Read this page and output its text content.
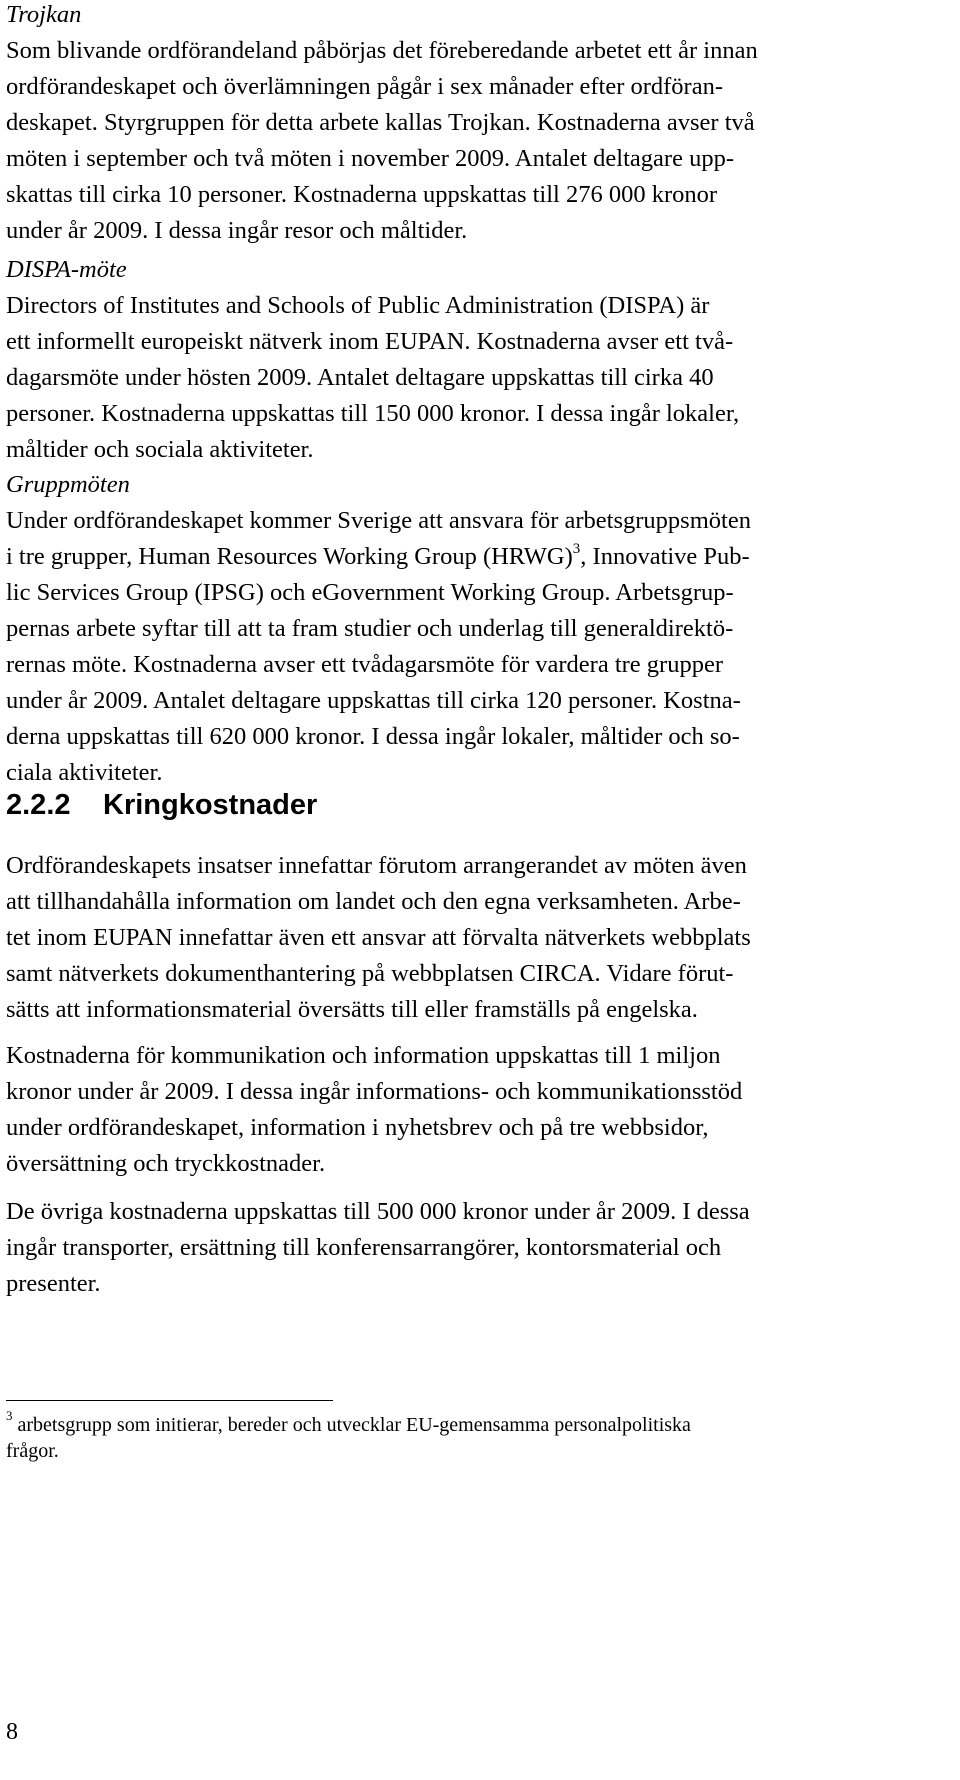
Trojkan

Som blivande ordförandeland påbörjas det föreberedande arbetet ett år innan
ordförandeskapet och överlämningen pågår i sex månader efter ordföran-
deskapet. Styrgruppen för detta arbete kallas Trojkan. Kostnaderna avser två
möten i september och två möten i november 2009. Antalet deltagare upp-
skattas till cirka 10 personer. Kostnaderna uppskattas till 276 000 kronor
under år 2009. I dessa ingår resor och måltider.

DISPA-möte

Directors of Institutes and Schools of Public Administration (DISPA) är
ett informellt europeiskt nätverk inom EUPAN. Kostnaderna avser ett två-
dagarsmöte under hösten 2009. Antalet deltagare uppskattas till cirka 40
personer. Kostnaderna uppskattas till 150 000 kronor. I dessa ingår lokaler,
måltider och sociala aktiviteter.

Gruppmöten

Under ordförandeskapet kommer Sverige att ansvara för arbetsgruppsmöten
i tre grupper, Human Resources Working Group (HRWG)$^3$, Innovative Pub-
lic Services Group (IPSG) och eGovernment Working Group. Arbetsgrup-
pernas arbete syftar till att ta fram studier och underlag till generaldirektö-
rernas möte. Kostnaderna avser ett tvådagarsmöte för vardera tre grupper
under år 2009. Antalet deltagare uppskattas till cirka 120 personer. Kostna-
derna uppskattas till 620 000 kronor. I dessa ingår lokaler, måltider och so-
ciala aktiviteter.

2.2.2 Kringkostnader

Ordförandeskapets insatser innefattar förutom arrangerandet av möten även
att tillhandahålla information om landet och den egna verksamheten. Arbe-
tet inom EUPAN innefattar även ett ansvar att förvalta nätverkets webbplats
samt nätverkets dokumenthantering på webbplatsen CIRCA. Vidare förut-
sätts att informationsmaterial översätts till eller framställs på engelska.

Kostnaderna för kommunikation och information uppskattas till 1 miljon
kronor under år 2009. I dessa ingår informations- och kommunikationsstöd
under ordförandeskapet, information i nyhetsbrev och på tre webbsidor,
översättning och tryckkostnader.

De övriga kostnaderna uppskattas till 500 000 kronor under år 2009. I dessa
ingår transporter, ersättning till konferensarrangörer, kontorsmaterial och
presenter.

$^3$ arbetsgrupp som initierar, bereder och utvecklar EU-gemensamma personalpolitiska
frågor.

8
